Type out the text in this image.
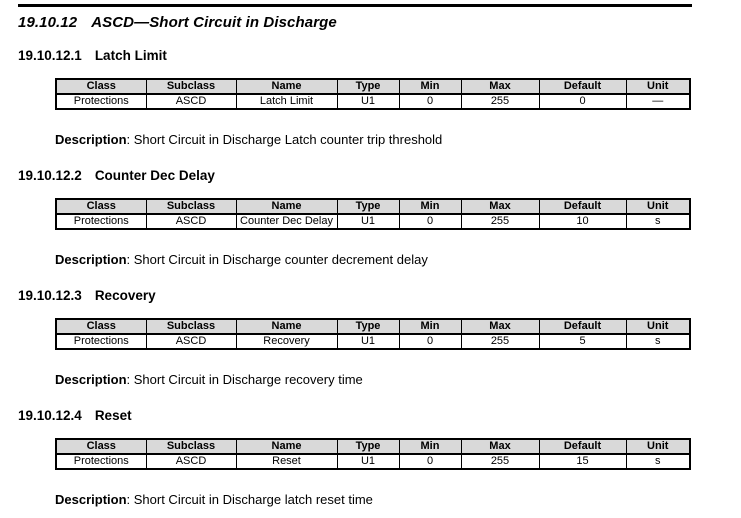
19.10.12 ASCD—Short Circuit in Discharge
19.10.12.1 Latch Limit
Class	Subclass	Name	Type	Min	Max	Default	Unit
Protections	ASCD	Latch Limit	U1	0	255	0	—

Description: Short Circuit in Discharge Latch counter trip threshold

19.10.12.2 Counter Dec Delay
Class	Subclass	Name	Type	Min	Max	Default	Unit
Protections	ASCD	Counter Dec Delay	U1	0	255	10	s

Description: Short Circuit in Discharge counter decrement delay

19.10.12.3 Recovery
Class	Subclass	Name	Type	Min	Max	Default	Unit
Protections	ASCD	Recovery	U1	0	255	5	s

Description: Short Circuit in Discharge recovery time

19.10.12.4 Reset
Class	Subclass	Name	Type	Min	Max	Default	Unit
Protections	ASCD	Reset	U1	0	255	15	s

Description: Short Circuit in Discharge latch reset time
